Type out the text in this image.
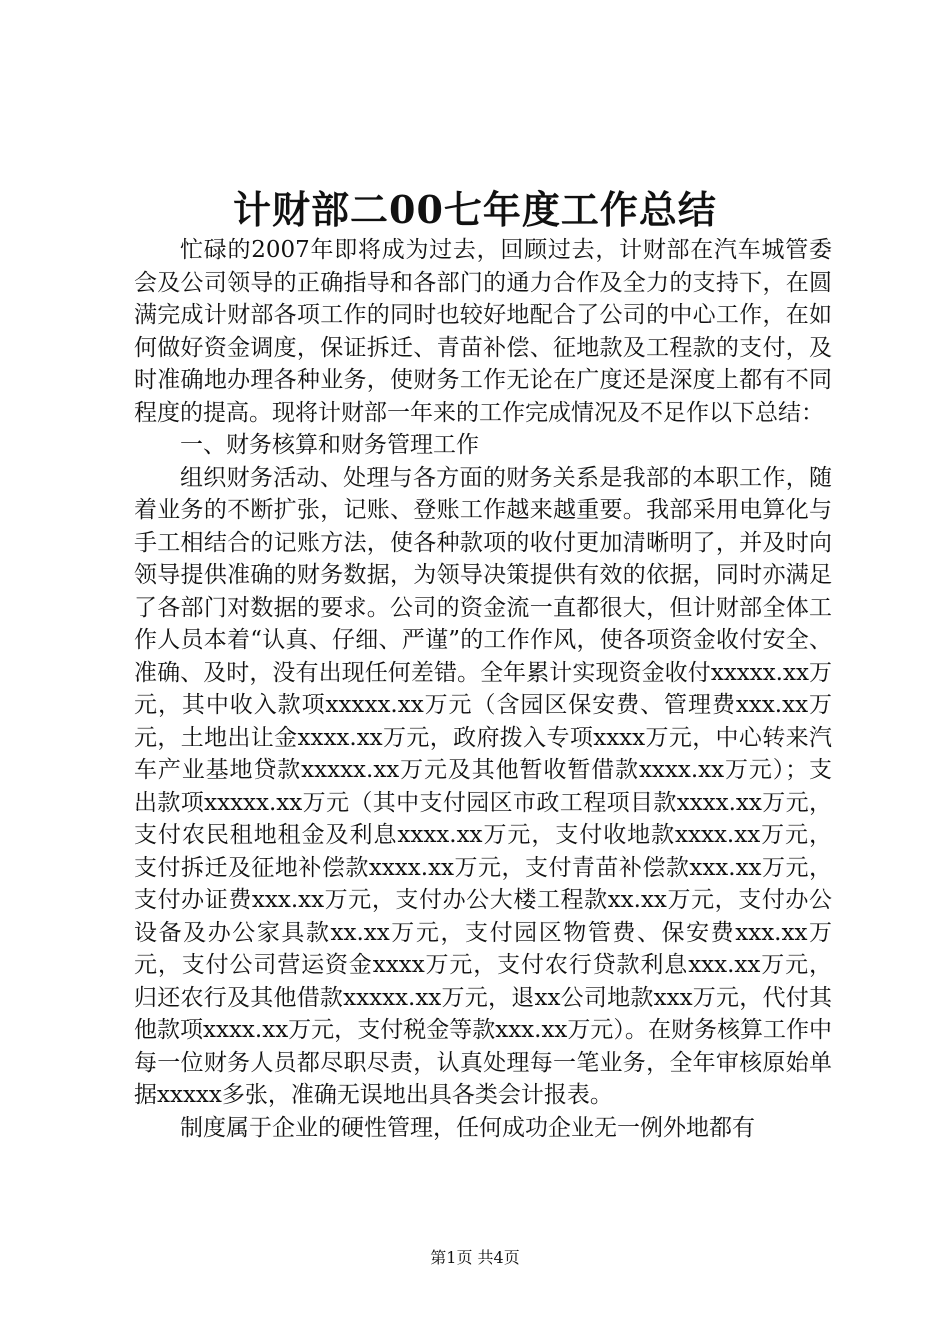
计财部二00七年度工作总结

忙碌的2007年即将成为过去，回顾过去，计财部在汽车城管委会及公司领导的正确指导和各部门的通力合作及全力的支持下，在圆满完成计财部各项工作的同时也较好地配合了公司的中心工作，在如何做好资金调度，保证拆迁、青苗补偿、征地款及工程款的支付，及时准确地办理各种业务，使财务工作无论在广度还是深度上都有不同程度的提高。现将计财部一年来的工作完成情况及不足作以下总结：

一、财务核算和财务管理工作

组织财务活动、处理与各方面的财务关系是我部的本职工作，随着业务的不断扩张，记账、登账工作越来越重要。我部采用电算化与手工相结合的记账方法，使各种款项的收付更加清晰明了，并及时向领导提供准确的财务数据，为领导决策提供有效的依据，同时亦满足了各部门对数据的要求。公司的资金流一直都很大，但计财部全体工作人员本着“认真、仔细、严谨”的工作作风，使各项资金收付安全、准确、及时，没有出现任何差错。全年累计实现资金收付xxxxx.xx万元，其中收入款项xxxxx.xx万元（含园区保安费、管理费xxx.xx万元，土地出让金xxxx.xx万元，政府拨入专项xxxx万元，中心转来汽车产业基地贷款xxxxx.xx万元及其他暂收暂借款xxxx.xx万元）；支出款项xxxxx.xx万元（其中支付园区市政工程项目款xxxx.xx万元，支付农民租地租金及利息xxxx.xx万元，支付收地款xxxx.xx万元，支付拆迁及征地补偿款xxxx.xx万元，支付青苗补偿款xxx.xx万元，支付办证费xxx.xx万元，支付办公大楼工程款xx.xx万元，支付办公设备及办公家具款xx.xx万元，支付园区物管费、保安费xxx.xx万元，支付公司营运资金xxxx万元，支付农行贷款利息xxx.xx万元，归还农行及其他借款xxxxx.xx万元，退xx公司地款xxx万元，代付其他款项xxxx.xx万元，支付税金等款xxx.xx万元）。在财务核算工作中每一位财务人员都尽职尽责，认真处理每一笔业务，全年审核原始单据xxxxx多张，准确无误地出具各类会计报表。

制度属于企业的硬性管理，任何成功企业无一例外地都有

第1页 共4页
